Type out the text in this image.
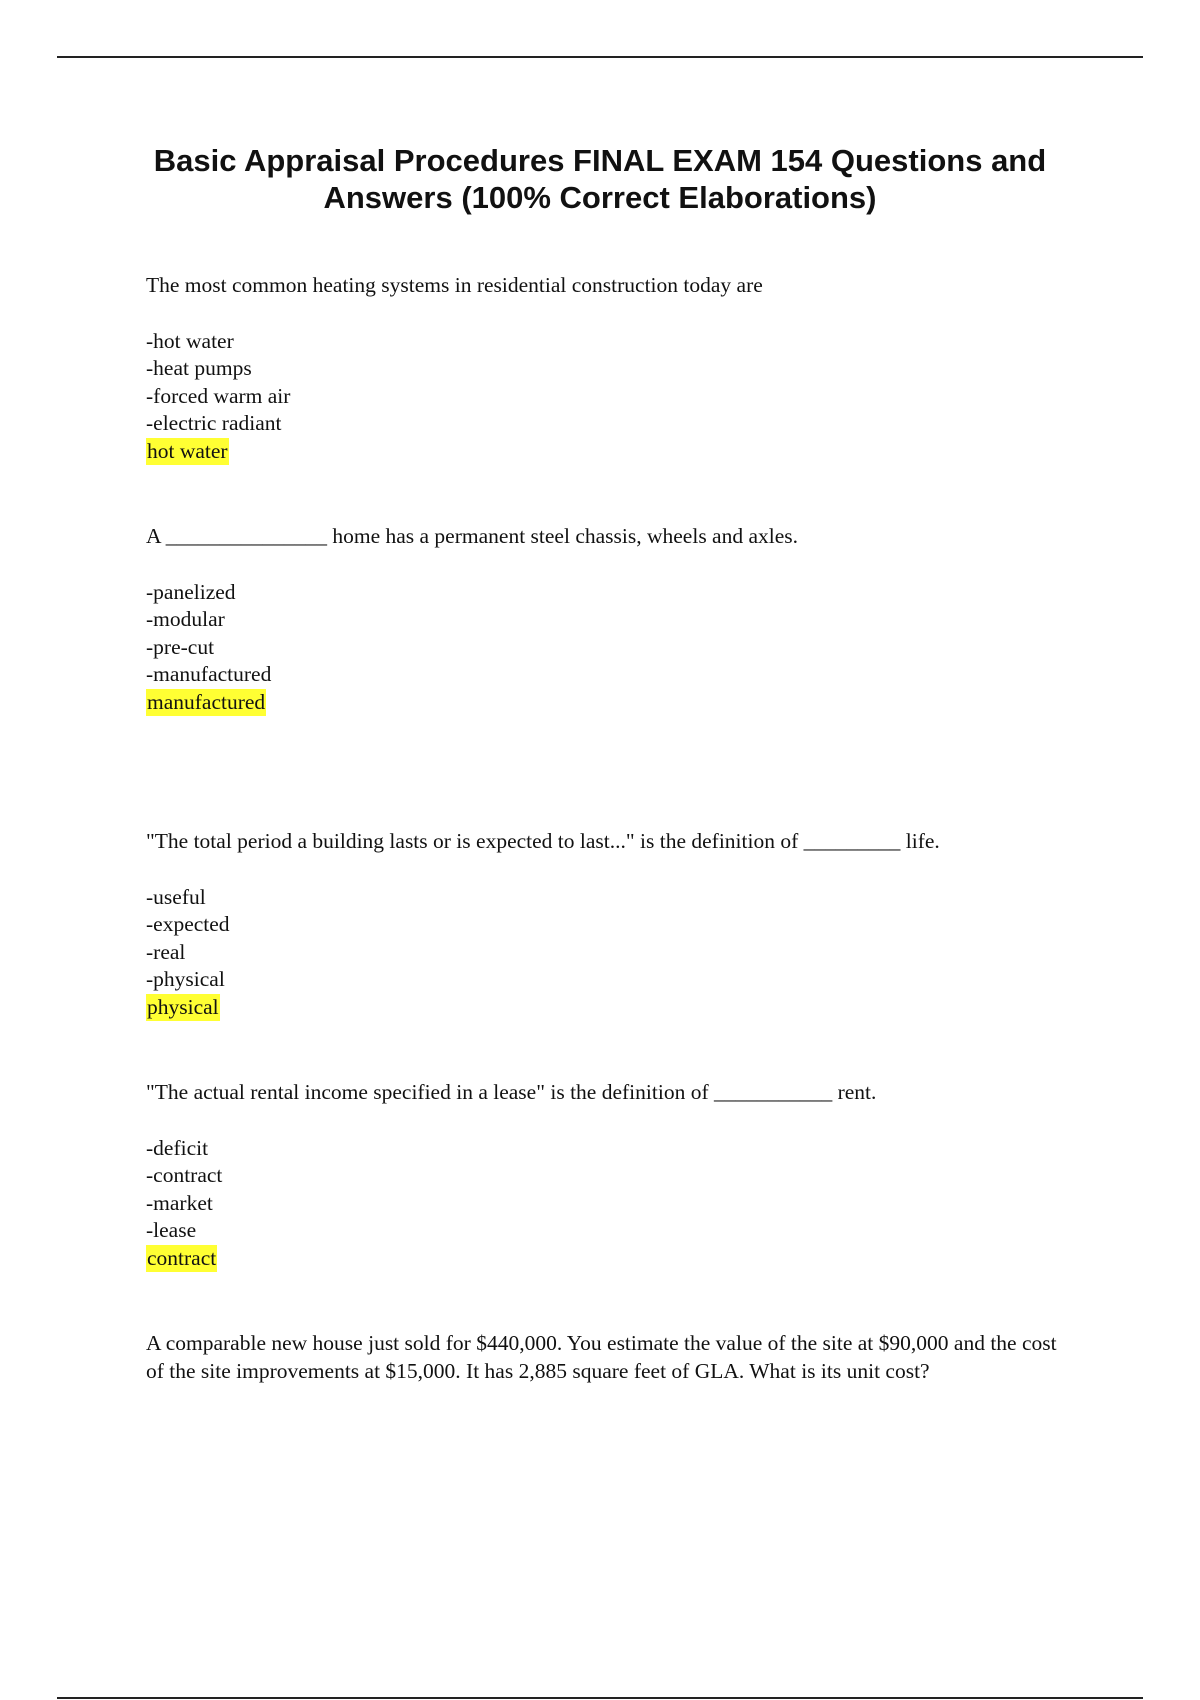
Basic Appraisal Procedures FINAL EXAM 154 Questions and Answers (100% Correct Elaborations)

The most common heating systems in residential construction today are

-hot water
-heat pumps
-forced warm air
-electric radiant
hot water

A _______________ home has a permanent steel chassis, wheels and axles.

-panelized
-modular
-pre-cut
-manufactured
manufactured

"The total period a building lasts or is expected to last..." is the definition of _________ life.

-useful
-expected
-real
-physical
physical

"The actual rental income specified in a lease" is the definition of ___________ rent.

-deficit
-contract
-market
-lease
contract

A comparable new house just sold for $440,000. You estimate the value of the site at $90,000 and the cost of the site improvements at $15,000. It has 2,885 square feet of GLA. What is its unit cost?
